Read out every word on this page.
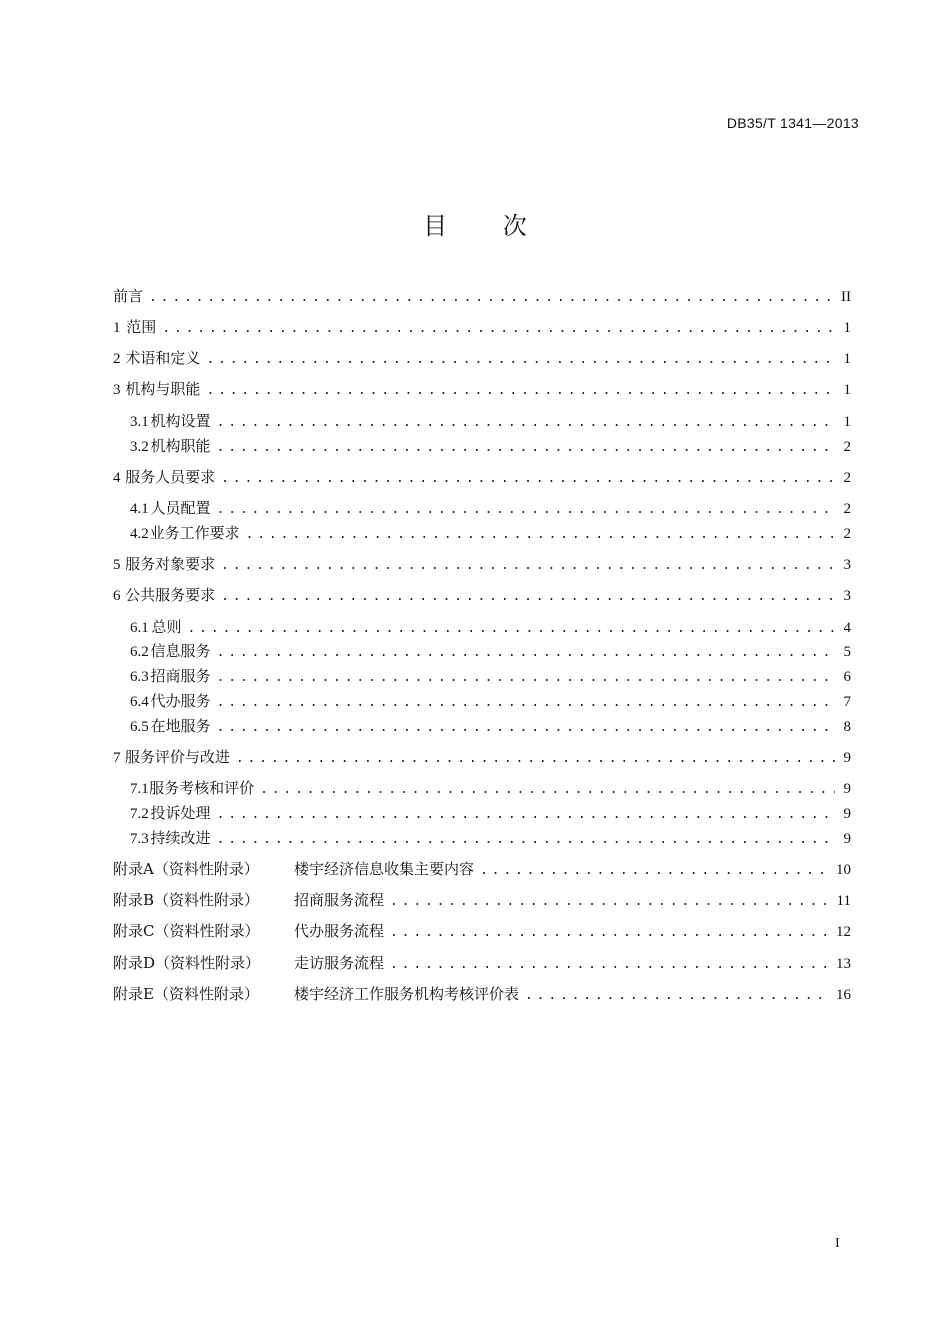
DB35/T 1341—2013
目 次
前言 . . .	II
1 范围 . . .	1
2 术语和定义 . . .	1
3 机构与职能 . . .	1
3.1 机构设置 . . .	1
3.2 机构职能 . . .	2
4 服务人员要求 . . .	2
4.1 人员配置 . . .	2
4.2 业务工作要求 . . .	2
5 服务对象要求 . . .	3
6 公共服务要求 . . .	3
6.1 总则 . . .	4
6.2 信息服务 . . .	5
6.3 招商服务 . . .	6
6.4 代办服务 . . .	7
6.5 在地服务 . . .	8
7 服务评价与改进 . . .	9
7.1 服务考核和评价 . . .	9
7.2 投诉处理 . . .	9
7.3 持续改进 . . .	9
附录A（资料性附录）	楼宇经济信息收集主要内容 . . .	10
附录B（资料性附录）	招商服务流程 . . .	11
附录C（资料性附录）	代办服务流程 . . .	12
附录D（资料性附录）	走访服务流程 . . .	13
附录E（资料性附录）	楼宇经济工作服务机构考核评价表 . . .	16
I
